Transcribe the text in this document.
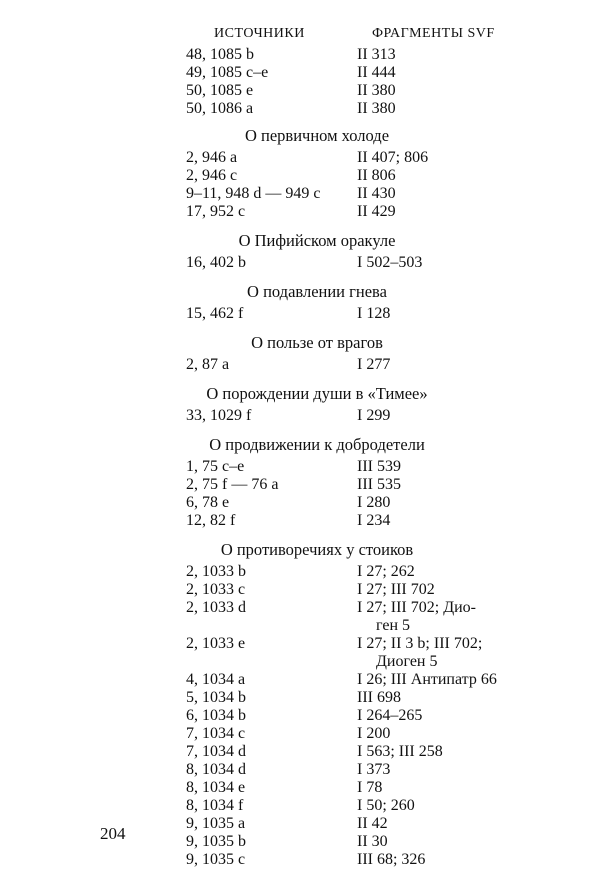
ИСТОЧНИКИ	ФРАГМЕНТЫ SVF
48, 1085 b	II 313
49, 1085 c–e	II 444
50, 1085 e	II 380
50, 1086 a	II 380
О первичном холоде
2, 946 a	II 407; 806
2, 946 c	II 806
9–11, 948 d — 949 c II 430
17, 952 c	II 429
О Пифийском оракуле
16, 402 b	I 502–503
О подавлении гнева
15, 462 f	I 128
О пользе от врагов
2, 87 a	I 277
О порождении души в «Тимее»
33, 1029 f	I 299
О продвижении к добродетели
1, 75 c–e	III 539
2, 75 f — 76 a	III 535
6, 78 e	I 280
12, 82 f	I 234
О противоречиях у стоиков
2, 1033 b	I 27; 262
2, 1033 c	I 27; III 702
2, 1033 d	I 27; III 702; Дио-
ген 5
2, 1033 e	I 27; II 3 b; III 702;
Диоген 5
4, 1034 a	I 26; III Антипатр 66
5, 1034 b	III 698
6, 1034 b	I 264–265
7, 1034 c	I 200
7, 1034 d	I 563; III 258
8, 1034 d	I 373
8, 1034 e	I 78
8, 1034 f	I 50; 260
9, 1035 a	II 42
9, 1035 b	II 30
9, 1035 c	III 68; 326
204
